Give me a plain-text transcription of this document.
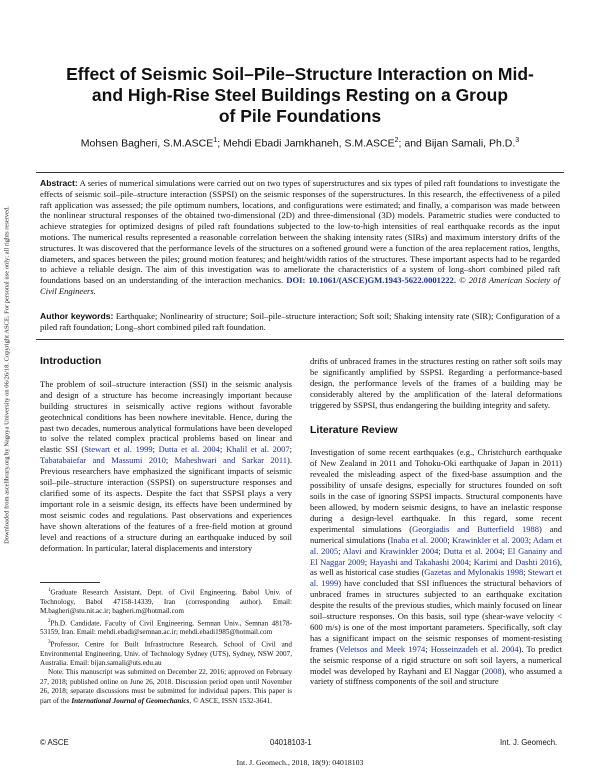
Downloaded from ascelibrary.org by Nagoya University on 06/26/18. Copyright ASCE. For personal use only; all rights reserved.
Effect of Seismic Soil–Pile–Structure Interaction on Mid-
and High-Rise Steel Buildings Resting on a Group
of Pile Foundations
Mohsen Bagheri, S.M.ASCE$^1$; Mehdi Ebadi Jamkhaneh, S.M.ASCE$^2$; and Bijan Samali, Ph.D.$^3$

Abstract: A series of numerical simulations were carried out on two types of superstructures and six types of piled raft foundations to investigate the effects of seismic soil–pile–structure interaction (SSPSI) on the seismic responses of the superstructures. In this research, the effectiveness of a piled raft application was assessed; the pile optimum numbers, locations, and configurations were estimated; and finally, a comparison was made between the nonlinear structural responses of the obtained two-dimensional (2D) and three-dimensional (3D) models. Parametric studies were conducted to achieve strategies for optimized designs of piled raft foundations subjected to the low-to-high intensities of real earthquake records as the input motions. The numerical results represented a reasonable correlation between the shaking intensity rates (SIRs) and maximum interstory drifts of the structures. It was discovered that the performance levels of the structures on a softened ground were a function of the area replacement ratios, lengths, diameters, and spaces between the piles; ground motion features; and height/width ratios of the structures. These important aspects had to be regarded to achieve a reliable design. The aim of this investigation was to ameliorate the characteristics of a system of long–short combined piled raft foundations based on an understanding of the interaction mechanics. DOI: 10.1061/(ASCE)GM.1943-5622.0001222. © 2018 American Society of Civil Engineers.

Author keywords: Earthquake; Nonlinearity of structure; Soil–pile–structure interaction; Soft soil; Shaking intensity rate (SIR); Configuration of a piled raft foundation; Long–short combined piled raft foundation.

Introduction

The problem of soil–structure interaction (SSI) in the seismic analysis and design of a structure has become increasingly important because building structures in seismically active regions without favorable geotechnical conditions has been nowhere inevitable. Hence, during the past two decades, numerous analytical formulations have been developed to solve the related complex practical problems based on linear and elastic SSI (Stewart et al. 1999; Dutta et al. 2004; Khalil et al. 2007; Tabatabaiefar and Massumi 2010; Maheshwari and Sarkar 2011). Previous researchers have emphasized the significant impacts of seismic soil–pile–structure interaction (SSPSI) on superstructure responses and clarified some of its aspects. Despite the fact that SSPSI plays a very important role in a seismic design, its effects have been undermined by most seismic codes and regulations. Past observations and experiences have shown alterations of the features of a free-field motion at ground level and reactions of a structure during an earthquake induced by soil deformation. In particular, lateral displacements and interstory

$^1$Graduate Research Assistant, Dept. of Civil Engineering, Babol Univ. of Technology, Babol 47158-14339, Iran (corresponding author). Email: M.bagheri@stu.nit.ac.ir; bagheri.m@hotmail.com

$^2$Ph.D. Candidate, Faculty of Civil Engineering, Semnan Univ., Semnan 48178-53159, Iran. Email: mehdi.ebadi@semnan.ac.ir; mehdi.ebadi1985@hotmail.com

$^3$Professor, Centre for Built Infrastructure Research, School of Civil and Environmental Engineering, Univ. of Technology Sydney (UTS), Sydney, NSW 2007, Australia. Email: bijan.samali@uts.edu.au

Note. This manuscript was submitted on December 22, 2016; approved on February 27, 2018; published online on June 26, 2018. Discussion period open until November 26, 2018; separate discussions must be submitted for individual papers. This paper is part of the International Journal of Geomechanics, © ASCE, ISSN 1532-3641.

drifts of unbraced frames in the structures resting on rather soft soils may be significantly amplified by SSPSI. Regarding a performance-based design, the performance levels of the frames of a building may be considerably altered by the amplification of the lateral deformations triggered by SSPSI, thus endangering the building integrity and safety.

Literature Review

Investigation of some recent earthquakes (e.g., Christchurch earthquake of New Zealand in 2011 and Tohoku-Oki earthquake of Japan in 2011) revealed the misleading aspect of the fixed-base assumption and the possibility of unsafe designs, especially for structures founded on soft soils in the case of ignoring SSPSI impacts. Structural components have been allowed, by modern seismic designs, to have an inelastic response during a design-level earthquake. In this regard, some recent experimental simulations (Georgiadis and Butterfield 1988) and numerical simulations (Inaba et al. 2000; Krawinkler et al. 2003; Adam et al. 2005; Alavi and Krawinkler 2004; Dutta et al. 2004; El Ganainy and El Naggar 2009; Hayashi and Takahashi 2004; Karimi and Dashti 2016), as well as historical case studies (Gazetas and Mylonakis 1998; Stewart et al. 1999) have concluded that SSI influences the structural behaviors of unbraced frames in structures subjected to an earthquake excitation despite the results of the previous studies, which mainly focused on linear soil–structure responses. On this basis, soil type (shear-wave velocity < 600 m/s) is one of the most important parameters. Specifically, soft clay has a significant impact on the seismic responses of moment-resisting frames (Veletsos and Meek 1974; Hosseinzadeh et al. 2004). To predict the seismic response of a rigid structure on soft soil layers, a numerical model was developed by Rayhani and El Naggar (2008), who assumed a variety of stiffness components of the soil and structure

© ASCE	04018103-1	Int. J. Geomech.
Int. J. Geomech., 2018, 18(9): 04018103
